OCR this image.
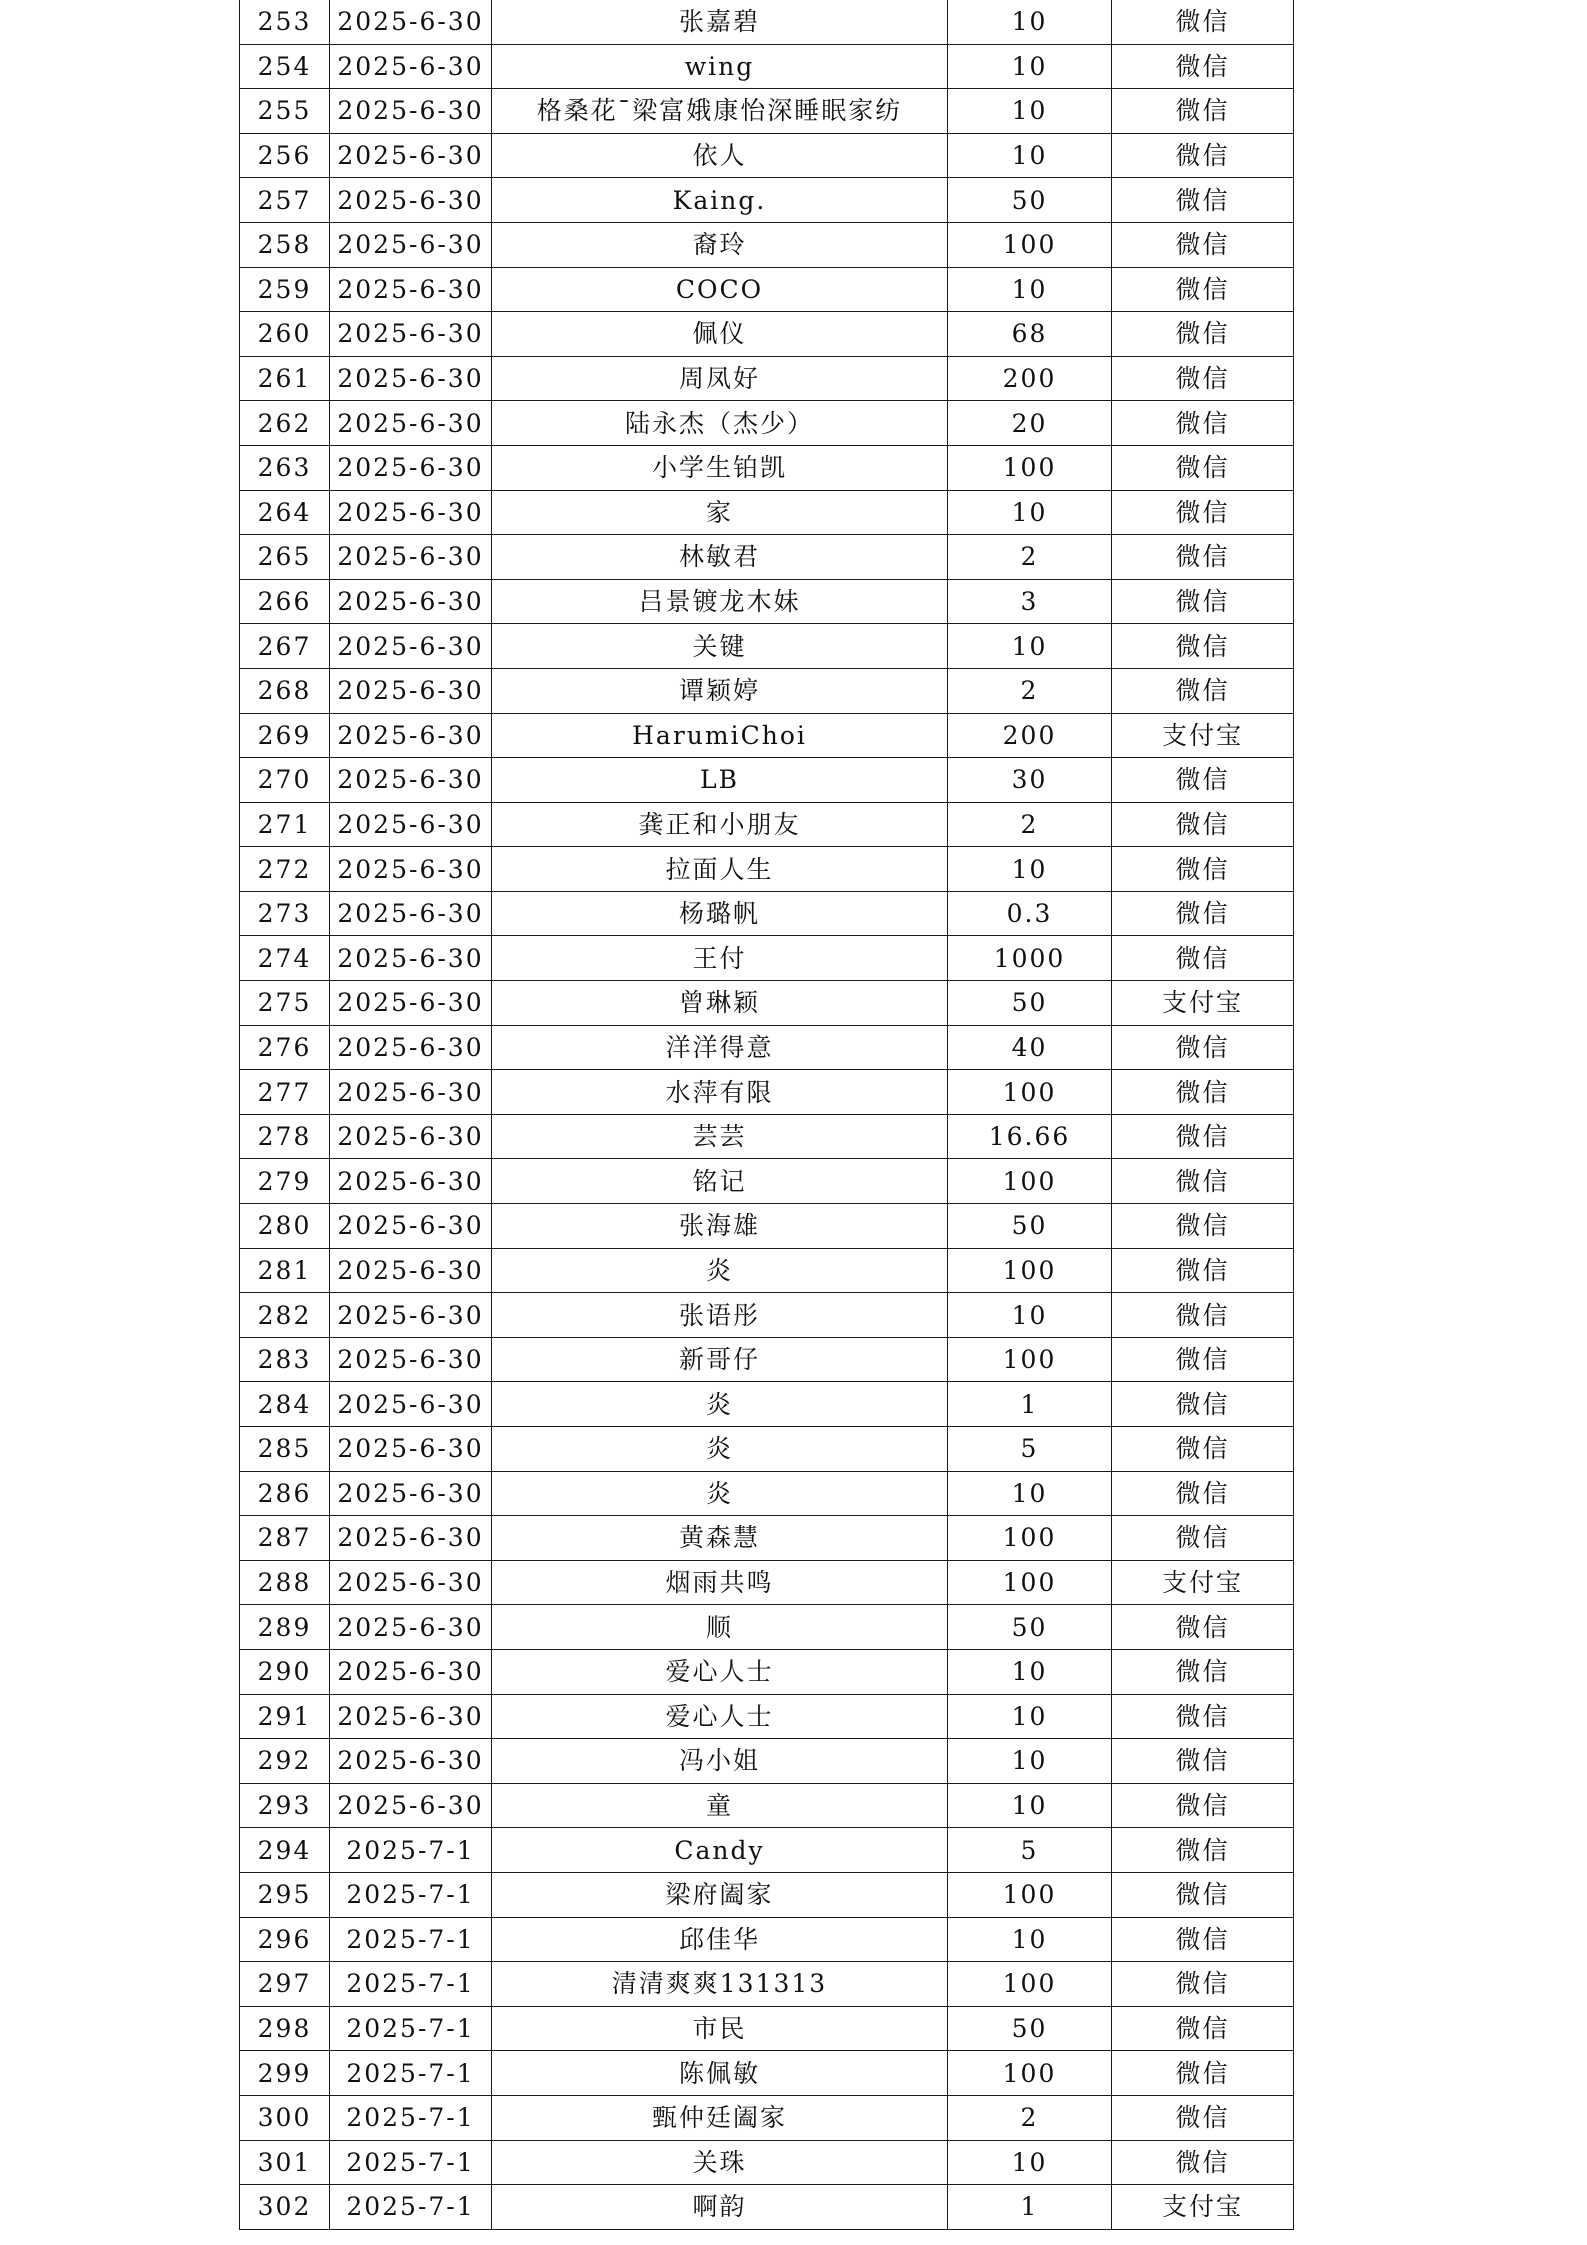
253	2025-6-30	张嘉碧	10	微信
254	2025-6-30	wing	10	微信
255	2025-6-30	格桑花¯梁富娥康怡深睡眠家纺	10	微信
256	2025-6-30	依人	10	微信
257	2025-6-30	Kaing.	50	微信
258	2025-6-30	裔玲	100	微信
259	2025-6-30	COCO	10	微信
260	2025-6-30	佩仪	68	微信
261	2025-6-30	周凤好	200	微信
262	2025-6-30	陆永杰（杰少）	20	微信
263	2025-6-30	小学生铂凯	100	微信
264	2025-6-30	家	10	微信
265	2025-6-30	林敏君	2	微信
266	2025-6-30	吕景镀龙木妹	3	微信
267	2025-6-30	关键	10	微信
268	2025-6-30	谭颖婷	2	微信
269	2025-6-30	HarumiChoi	200	支付宝
270	2025-6-30	LB	30	微信
271	2025-6-30	龚正和小朋友	2	微信
272	2025-6-30	拉面人生	10	微信
273	2025-6-30	杨璐帆	0.3	微信
274	2025-6-30	王付	1000	微信
275	2025-6-30	曾琳颖	50	支付宝
276	2025-6-30	洋洋得意	40	微信
277	2025-6-30	水萍有限	100	微信
278	2025-6-30	芸芸	16.66	微信
279	2025-6-30	铭记	100	微信
280	2025-6-30	张海雄	50	微信
281	2025-6-30	炎	100	微信
282	2025-6-30	张语彤	10	微信
283	2025-6-30	新哥仔	100	微信
284	2025-6-30	炎	1	微信
285	2025-6-30	炎	5	微信
286	2025-6-30	炎	10	微信
287	2025-6-30	黄森慧	100	微信
288	2025-6-30	烟雨共鸣	100	支付宝
289	2025-6-30	顺	50	微信
290	2025-6-30	爱心人士	10	微信
291	2025-6-30	爱心人士	10	微信
292	2025-6-30	冯小姐	10	微信
293	2025-6-30	童	10	微信
294	2025-7-1	Candy	5	微信
295	2025-7-1	梁府阖家	100	微信
296	2025-7-1	邱佳华	10	微信
297	2025-7-1	清清爽爽131313	100	微信
298	2025-7-1	市民	50	微信
299	2025-7-1	陈佩敏	100	微信
300	2025-7-1	甄仲廷阖家	2	微信
301	2025-7-1	关珠	10	微信
302	2025-7-1	啊韵	1	支付宝
